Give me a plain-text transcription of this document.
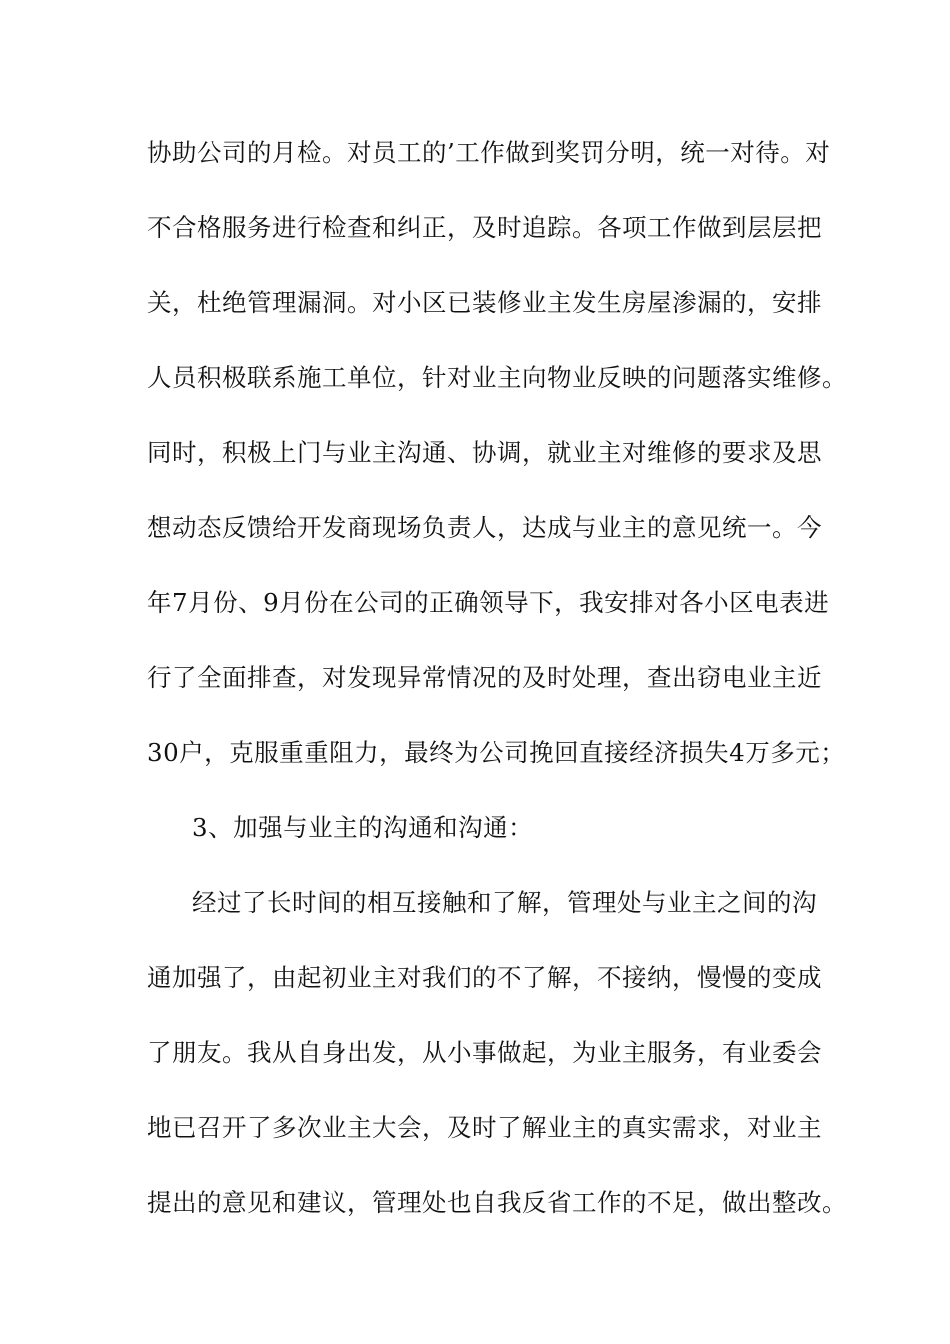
协助公司的月检。对员工的’工作做到奖罚分明，统一对待。对
不合格服务进行检查和纠正，及时追踪。各项工作做到层层把
关，杜绝管理漏洞。对小区已装修业主发生房屋渗漏的，安排
人员积极联系施工单位，针对业主向物业反映的问题落实维修。
同时，积极上门与业主沟通、协调，就业主对维修的要求及思
想动态反馈给开发商现场负责人，达成与业主的意见统一。今
年7月份、9月份在公司的正确领导下，我安排对各小区电表进
行了全面排查，对发现异常情况的及时处理，查出窃电业主近
30户，克服重重阻力，最终为公司挽回直接经济损失4万多元；
3、加强与业主的沟通和沟通：
经过了长时间的相互接触和了解，管理处与业主之间的沟
通加强了，由起初业主对我们的不了解，不接纳，慢慢的变成
了朋友。我从自身出发，从小事做起，为业主服务，有业委会
地已召开了多次业主大会，及时了解业主的真实需求，对业主
提出的意见和建议，管理处也自我反省工作的不足，做出整改。
